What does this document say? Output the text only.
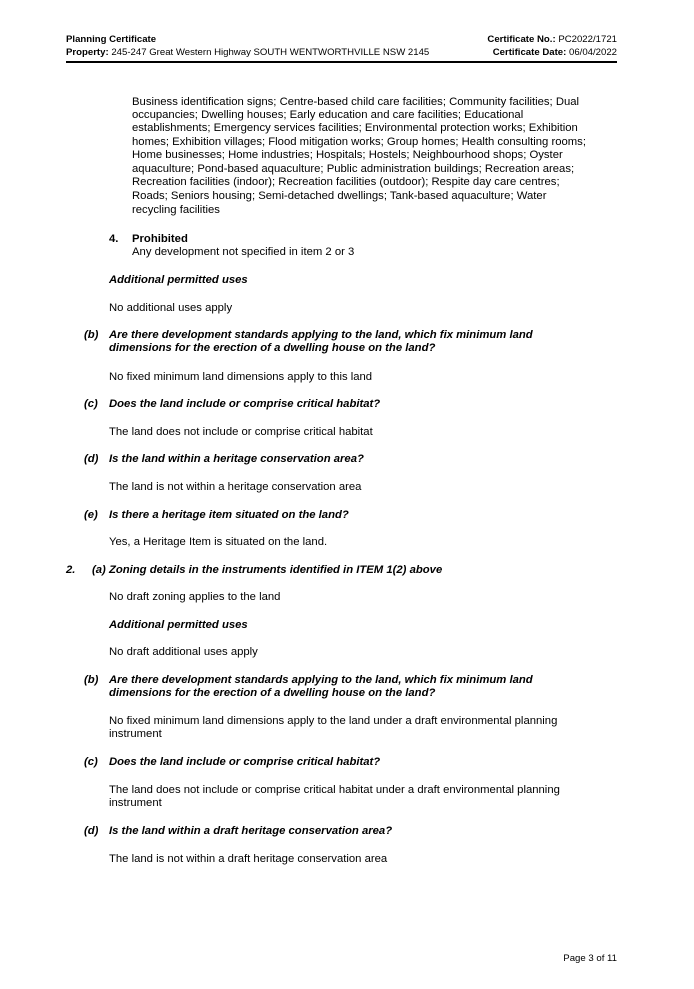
Planning Certificate	Certificate No.: PC2022/1721
Property: 245-247 Great Western Highway SOUTH WENTWORTHVILLE NSW 2145	Certificate Date: 06/04/2022
Business identification signs; Centre-based child care facilities; Community facilities; Dual
occupancies; Dwelling houses; Early education and care facilities; Educational
establishments; Emergency services facilities; Environmental protection works; Exhibition
homes; Exhibition villages; Flood mitigation works; Group homes; Health consulting rooms;
Home businesses; Home industries; Hospitals; Hostels; Neighbourhood shops; Oyster
aquaculture; Pond-based aquaculture; Public administration buildings; Recreation areas;
Recreation facilities (indoor); Recreation facilities (outdoor); Respite day care centres;
Roads; Seniors housing; Semi-detached dwellings; Tank-based aquaculture; Water
recycling facilities
4. Prohibited
Any development not specified in item 2 or 3
Additional permitted uses
No additional uses apply
(b) Are there development standards applying to the land, which fix minimum land
dimensions for the erection of a dwelling house on the land?
No fixed minimum land dimensions apply to this land
(c) Does the land include or comprise critical habitat?
The land does not include or comprise critical habitat
(d) Is the land within a heritage conservation area?
The land is not within a heritage conservation area
(e) Is there a heritage item situated on the land?
Yes, a Heritage Item is situated on the land.
2. (a) Zoning details in the instruments identified in ITEM 1(2) above
No draft zoning applies to the land
Additional permitted uses
No draft additional uses apply
(b) Are there development standards applying to the land, which fix minimum land
dimensions for the erection of a dwelling house on the land?
No fixed minimum land dimensions apply to the land under a draft environmental planning
instrument
(c) Does the land include or comprise critical habitat?
The land does not include or comprise critical habitat under a draft environmental planning
instrument
(d) Is the land within a draft heritage conservation area?
The land is not within a draft heritage conservation area
Page 3 of 11
